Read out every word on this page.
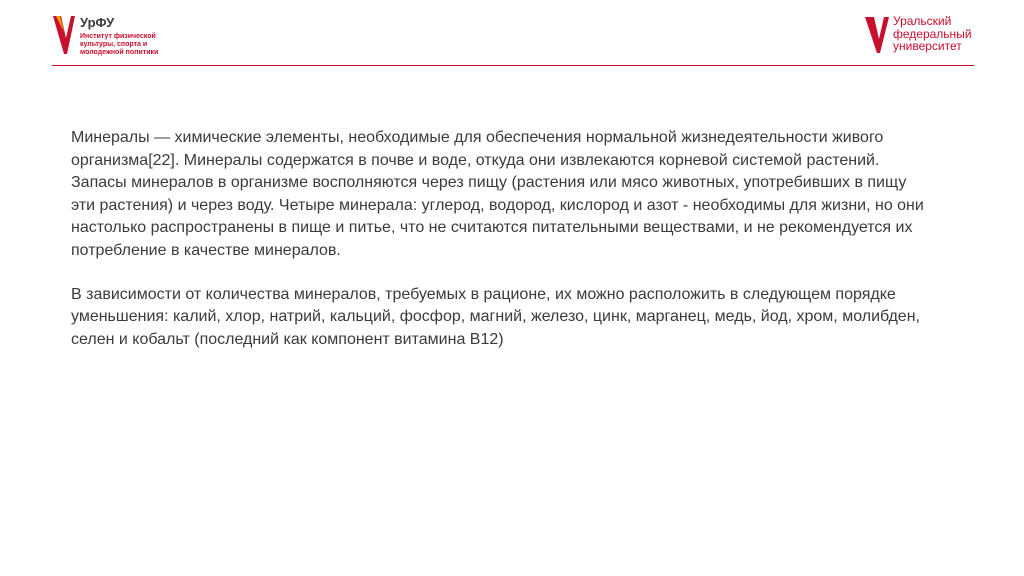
УрФУ
Институт физической
культуры, спорта и
молодежной политики
Уральский
федеральный
университет

Минералы — химические элементы, необходимые для обеспечения нормальной жизнедеятельности живого организма[22]. Минералы содержатся в почве и воде, откуда они извлекаются корневой системой растений. Запасы минералов в организме восполняются через пищу (растения или мясо животных, употребивших в пищу эти растения) и через воду. Четыре минерала: углерод, водород, кислород и азот - необходимы для жизни, но они настолько распространены в пище и питье, что не считаются питательными веществами, и не рекомендуется их потребление в качестве минералов.

В зависимости от количества минералов, требуемых в рационе, их можно расположить в следующем порядке уменьшения: калий, хлор, натрий, кальций, фосфор, магний, железо, цинк, марганец, медь, йод, хром, молибден, селен и кобальт (последний как компонент витамина B12)
